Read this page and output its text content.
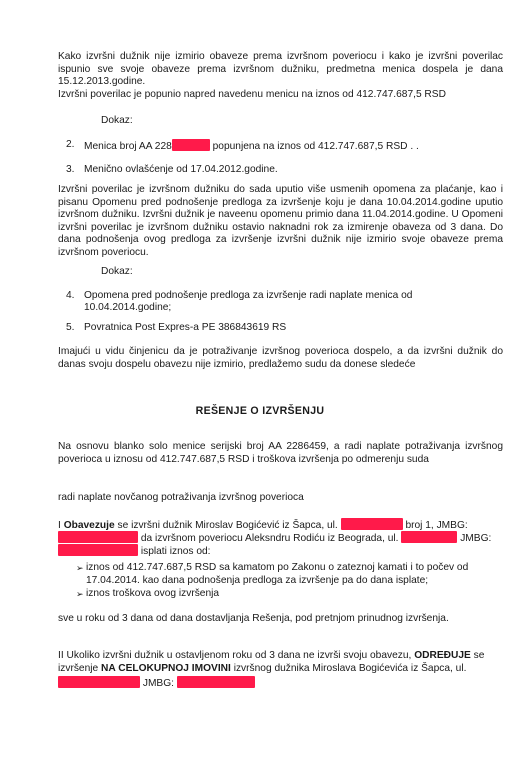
Kako izvršni dužnik nije izmirio obaveze prema izvršnom poveriocu i kako je izvršni poverilac ispunio sve svoje obaveze prema izvršnom dužniku, predmetna menica dospela je dana 15.12.2013.godine.

Izvršni poverilac je popunio napred navedenu menicu na iznos od 412.747.687,5 RSD

Dokaz:

2. Menica broj AA 228	popunjena na iznos od 412.747.687,5 RSD . .

3. Menično ovlašćenje od 17.04.2012.godine.

Izvršni poverilac je izvršnom dužniku do sada uputio više usmenih opomena za plaćanje, kao i pisanu Opomenu pred podnošenje predloga za izvršenje koju je dana 10.04.2014.godine uputio izvršnom dužniku. Izvršni dužnik je naveenu opomenu primio dana 11.04.2014.godine. U Opomeni izvršni poverilac je izvršnom dužniku ostavio naknadni rok za izmirenje obaveza od 3 dana. Do dana podnošenja ovog predloga za izvršenje izvršni dužnik nije izmirio svoje obaveze prema izvršnom poveriocu.

Dokaz:

4. Opomena pred podnošenje predloga za izvršenje radi naplate menica od

10.04.2014.godine;

5. Povratnica Post Expres-a PE 386843619 RS

Imajući u vidu činjenicu da je potraživanje izvršnog poverioca dospelo, a da izvršni dužnik do danas svoju dospelu obavezu nije izmirio, predlažemo sudu da donese sledeće

REŠENJE O IZVRŠENJU

Na osnovu blanko solo menice serijski broj AA 2286459, a radi naplate potraživanja izvršnog poverioca u iznosu od 412.747.687,5 RSD i troškova izvršenja po odmerenju suda

radi naplate novčanog potraživanja izvršnog poverioca

I Obavezuje se izvršni dužnik Miroslav Bogićević iz Šapca, ul.	broj 1, JMBG:

da izvršnom poveriocu Aleksndru Rodiću iz Beograda, ul.	JMBG:

isplati iznos od:

➢ iznos od 412.747.687,5 RSD sa kamatom po Zakonu o zateznoj kamati i to počev od

17.04.2014. kao dana podnošenja predloga za izvršenje pa do dana isplate;

➢ iznos troškova ovog izvršenja

sve u roku od 3 dana od dana dostavljanja Rešenja, pod pretnjom prinudnog izvršenja.

II Ukoliko izvršni dužnik u ostavljenom roku od 3 dana ne izvrši svoju obavezu, ODREĐUJE se

izvršenje NA CELOKUPNOJ IMOVINI izvršnog dužnika Miroslava Bogićevića iz Šapca, ul.

JMBG:
